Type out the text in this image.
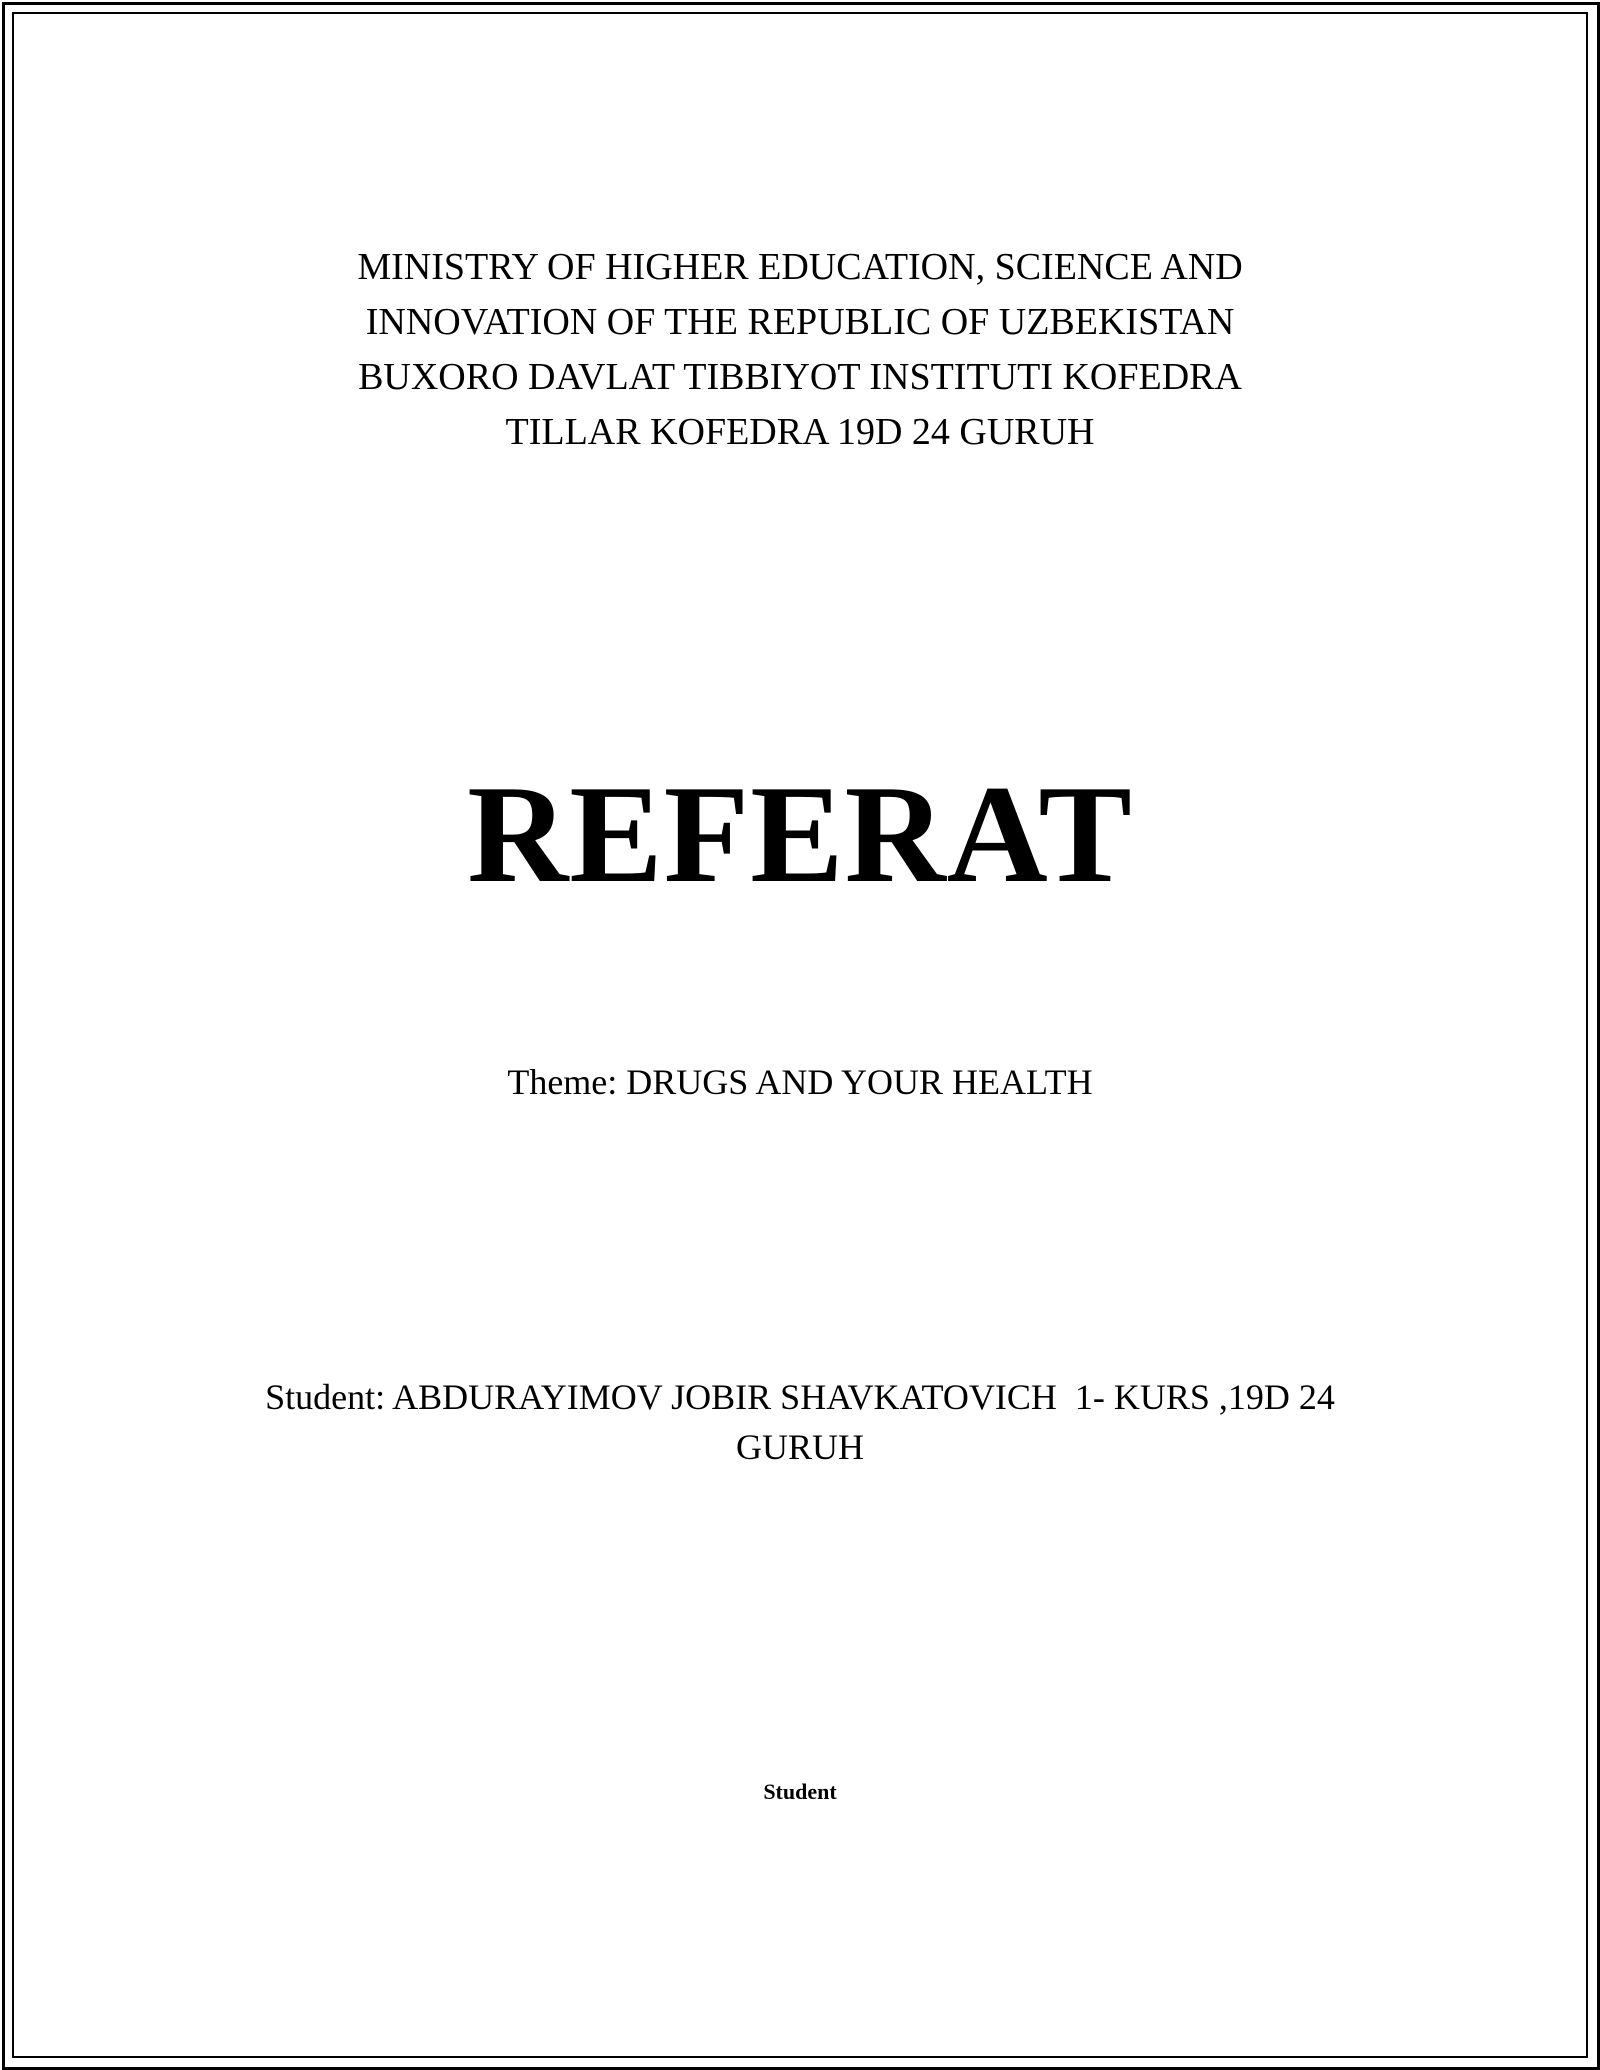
MINISTRY OF HIGHER EDUCATION, SCIENCE AND
INNOVATION OF THE REPUBLIC OF UZBEKISTAN
BUXORO DAVLAT TIBBIYOT INSTITUTI KOFEDRA
TILLAR KOFEDRA 19D 24 GURUH
REFERAT
Theme: DRUGS AND YOUR HEALTH
Student: ABDURAYIMOV JOBIR SHAVKATOVICH  1- KURS ,19D 24 GURUH
Student
